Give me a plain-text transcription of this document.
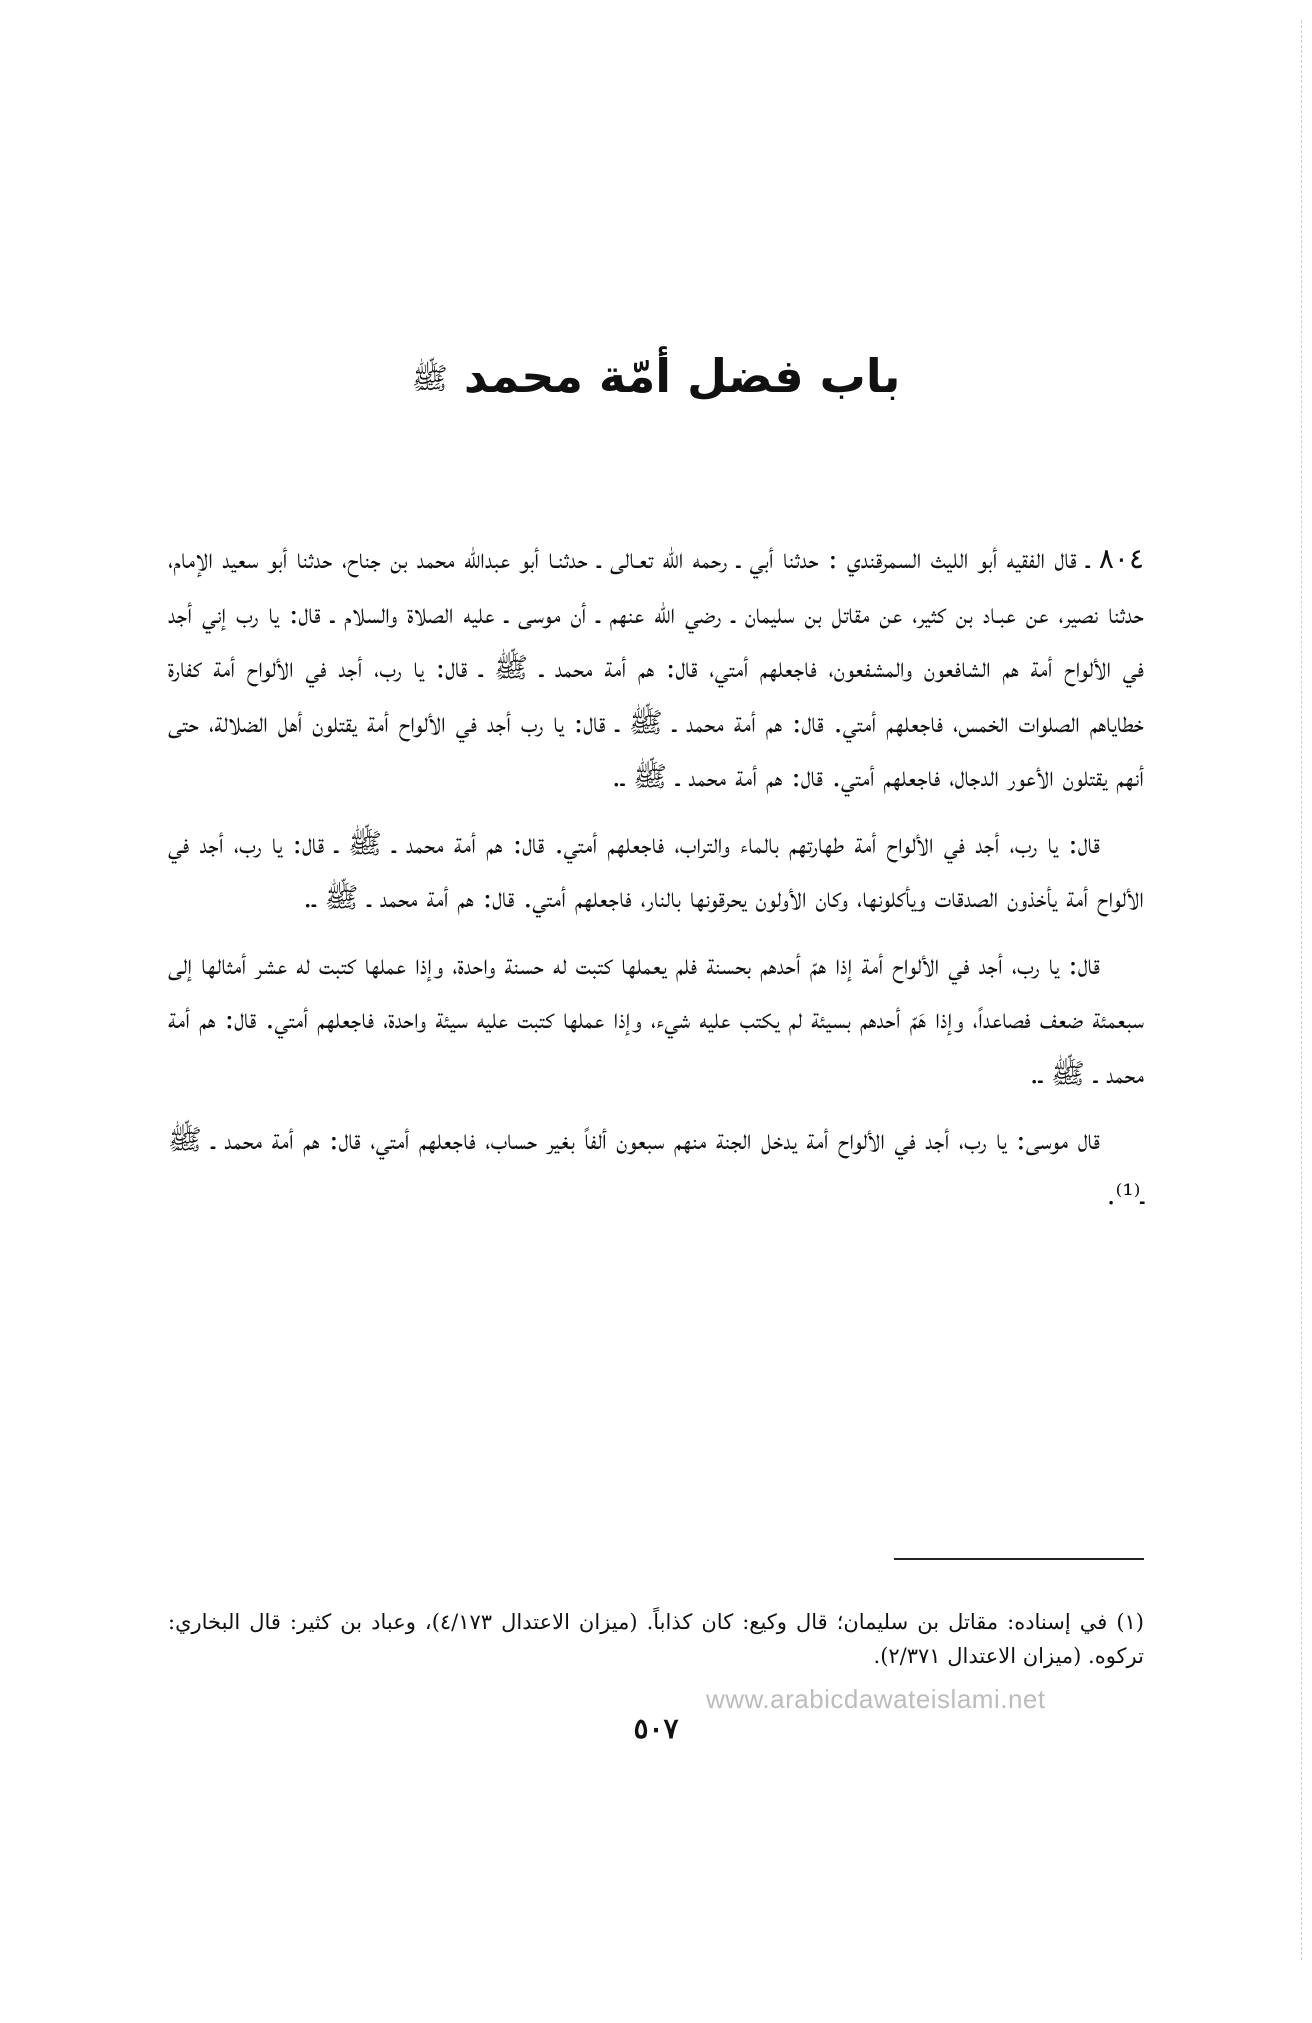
باب فضل أمّة محمد ﷺ

٨٠٤ ـ قال الفقيه أبو الليث السمرقندي : حدثنا أبي ـ رحمه الله تعـالى ـ حدثنـا أبو عبدالله محمد بن جناح، حدثنا أبو سعيد الإمام، حدثنا نصير، عن عبـاد بن كثير، عن مقاتل بن سليمان ـ رضي الله عنهم ـ أن موسى ـ عليه الصلاة والسلام ـ قال: يا رب إني أجد في الألواح أمة هم الشافعون والمشفعون، فاجعلهم أمتي، قال: هم أمة محمد ـ ﷺ ـ قال: يا رب، أجد في الألواح أمة كفارة خطاياهم الصلوات الخمس، فاجعلهم أمتي. قال: هم أمة محمد ـ ﷺ ـ قال: يا رب أجد في الألواح أمة يقتلون أهل الضلالة، حتى أنهم يقتلون الأعور الدجال، فاجعلهم أمتي. قال: هم أمة محمد ـ ﷺ ـ.

قال: يا رب، أجد في الألواح أمة طهارتهم بالماء والتراب، فاجعلهم أمتي. قال: هم أمة محمد ـ ﷺ ـ قال: يا رب، أجد في الألواح أمة يأخذون الصدقات ويأكلونها، وكان الأولون يحرقونها بالنار، فاجعلهم أمتي. قال: هم أمة محمد ـ ﷺ ـ.

قال: يا رب، أجد في الألواح أمة إذا همّ أحدهم بحسنة فلم يعملها كتبت له حسنة واحدة، وإذا عملها كتبت له عشر أمثالها إلى سبعمئة ضعف فصاعداً، وإذا هَمّ أحدهم بسيئة لم يكتب عليه شيء، وإذا عملها كتبت عليه سيئة واحدة، فاجعلهم أمتي. قال: هم أمة محمد ـ ﷺ ـ.

قال موسى: يا رب، أجد في الألواح أمة يدخل الجنة منهم سبعون ألفاً بغير حساب، فاجعلهم أمتي، قال: هم أمة محمد ـ ﷺ ـ⁽¹⁾.

(١) في إسناده: مقاتل بن سليمان؛ قال وكيع: كان كذاباً. (ميزان الاعتدال ٤/١٧٣)، وعباد بن كثير: قال البخاري: تركوه. (ميزان الاعتدال ٢/٣٧١).

www.arabicdawateislami.net
٥٠٧
